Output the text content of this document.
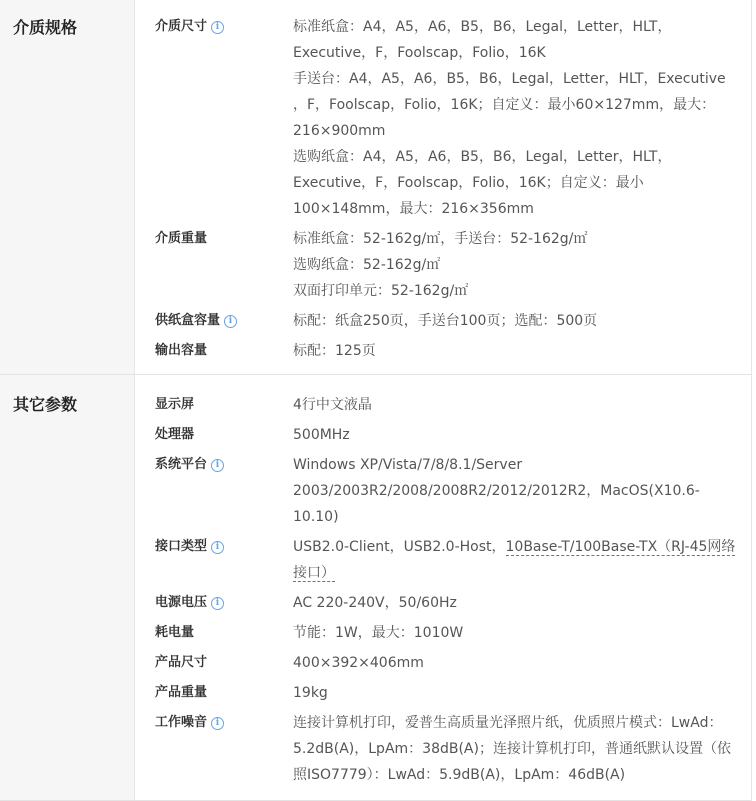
介质规格	介质尺寸 i	标准纸盒：A4，A5，A6，B5，B6，Legal，Letter，HLT，
Executive，F，Foolscap，Folio，16K
手送台：A4，A5，A6，B5，B6，Legal，Letter，HLT，Executive
，F，Foolscap，Folio，16K；自定义：最小60×127mm，最大：
216×900mm
选购纸盒：A4，A5，A6，B5，B6，Legal，Letter，HLT，
Executive，F，Foolscap，Folio，16K；自定义：最小
100×148mm，最大：216×356mm
介质重量	标准纸盒：52-162g/㎡，手送台：52-162g/㎡
选购纸盒：52-162g/㎡
双面打印单元：52-162g/㎡
供纸盒容量 i	标配：纸盒250页，手送台100页；选配：500页
输出容量	标配：125页
其它参数	显示屏	4行中文液晶
处理器	500MHz
系统平台 i	Windows XP/Vista/7/8/8.1/Server
2003/2003R2/2008/2008R2/2012/2012R2，MacOS(X10.6-10.10)
接口类型 i	USB2.0-Client，USB2.0-Host，10Base-T/100Base-TX（RJ-45网络
接口）
电源电压 i	AC 220-240V，50/60Hz
耗电量	节能：1W，最大：1010W
产品尺寸	400×392×406mm
产品重量	19kg
工作噪音 i	连接计算机打印，爱普生高质量光泽照片纸，优质照片模式：LwAd：
5.2dB(A)，LpAm：38dB(A)；连接计算机打印，普通纸默认设置（依
照ISO7779）：LwAd：5.9dB(A)，LpAm：46dB(A)
